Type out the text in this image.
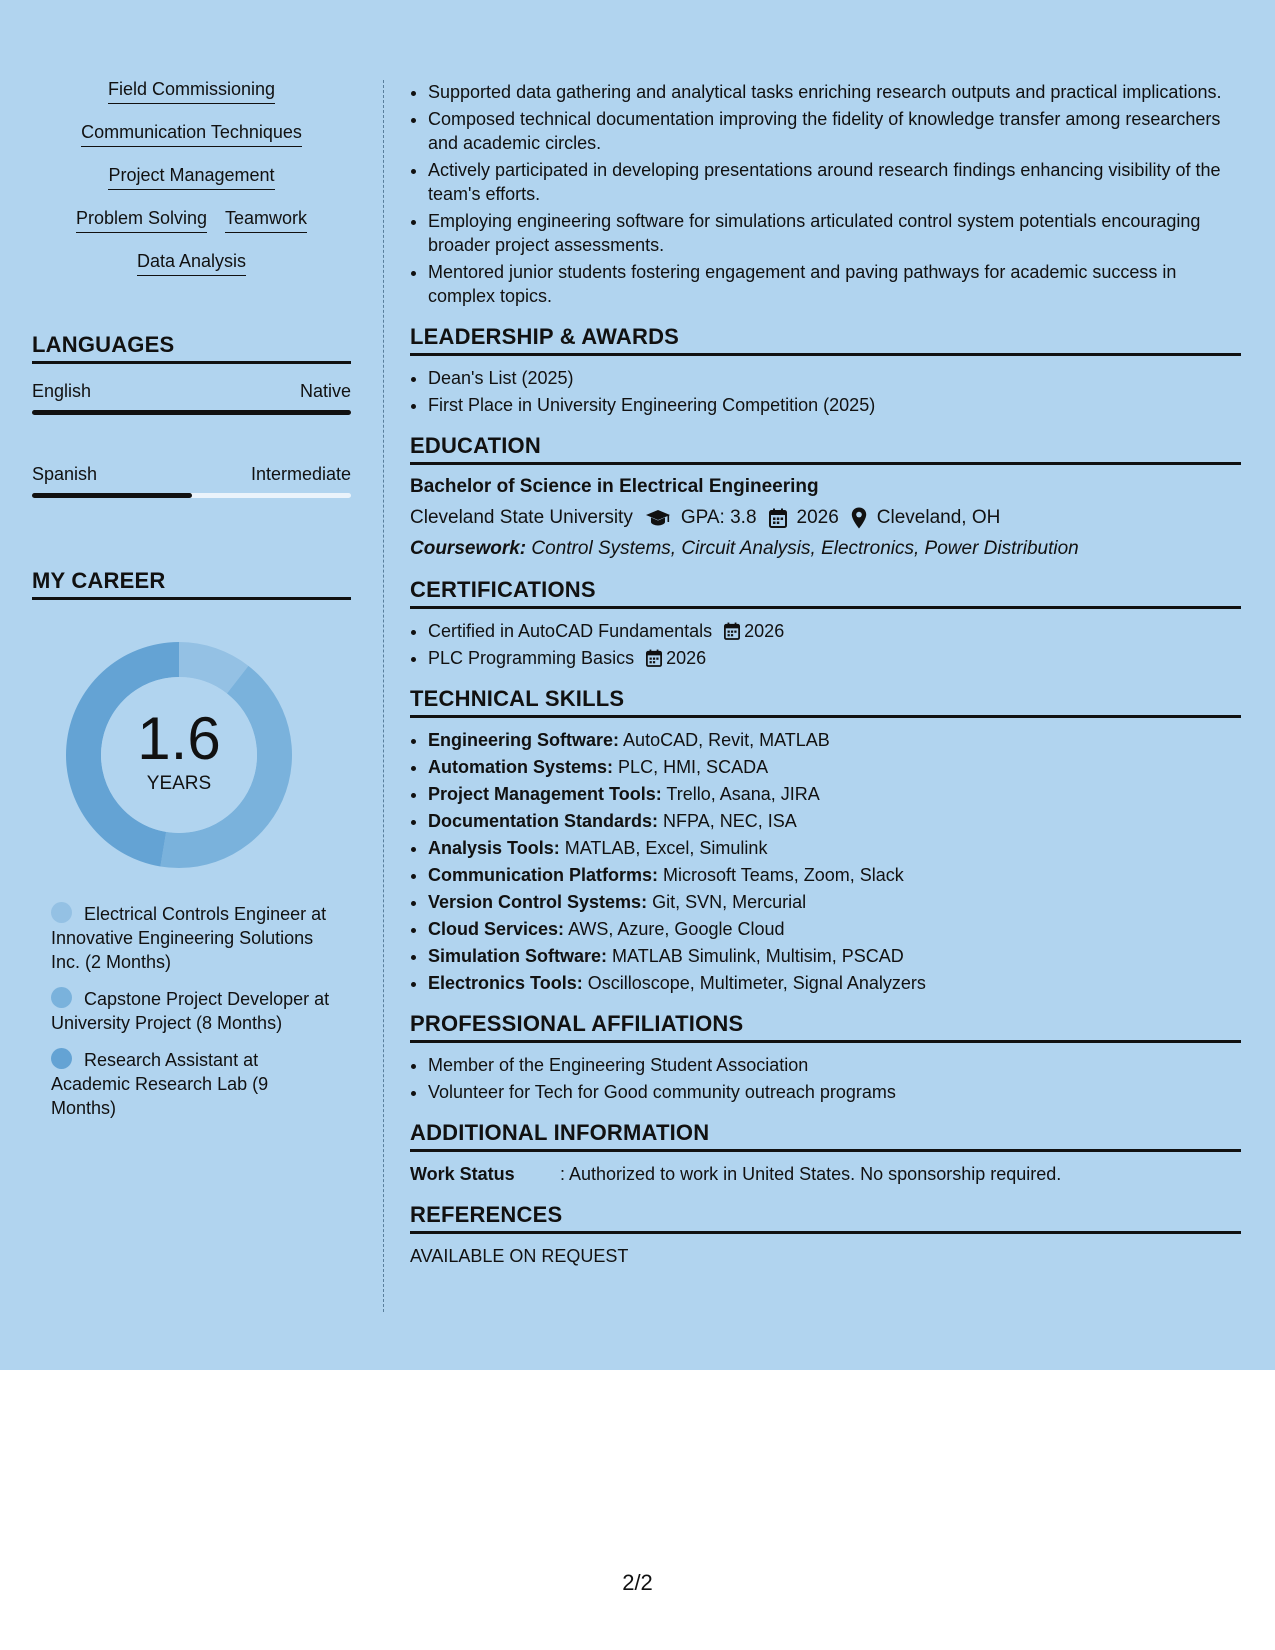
Field Commissioning
Communication Techniques
Project Management
Problem Solving Teamwork
Data Analysis
LANGUAGES
English	Native
Spanish	Intermediate
MY CAREER
1.6
YEARS
Electrical Controls Engineer at Innovative Engineering Solutions Inc. (2 Months)
Capstone Project Developer at University Project (8 Months)
Research Assistant at Academic Research Lab (9 Months)
• Supported data gathering and analytical tasks enriching research outputs and practical implications.
• Composed technical documentation improving the fidelity of knowledge transfer among researchers and academic circles.
• Actively participated in developing presentations around research findings enhancing visibility of the team's efforts.
• Employing engineering software for simulations articulated control system potentials encouraging broader project assessments.
• Mentored junior students fostering engagement and paving pathways for academic success in complex topics.
LEADERSHIP & AWARDS
• Dean's List (2025)
• First Place in University Engineering Competition (2025)
EDUCATION
Bachelor of Science in Electrical Engineering
Cleveland State University	GPA: 3.8 2026 Cleveland, OH
Coursework: Control Systems, Circuit Analysis, Electronics, Power Distribution
CERTIFICATIONS
• Certified in AutoCAD Fundamentals 2026
• PLC Programming Basics 2026
TECHNICAL SKILLS
• Engineering Software: AutoCAD, Revit, MATLAB
• Automation Systems: PLC, HMI, SCADA
• Project Management Tools: Trello, Asana, JIRA
• Documentation Standards: NFPA, NEC, ISA
• Analysis Tools: MATLAB, Excel, Simulink
• Communication Platforms: Microsoft Teams, Zoom, Slack
• Version Control Systems: Git, SVN, Mercurial
• Cloud Services: AWS, Azure, Google Cloud
• Simulation Software: MATLAB Simulink, Multisim, PSCAD
• Electronics Tools: Oscilloscope, Multimeter, Signal Analyzers
PROFESSIONAL AFFILIATIONS
• Member of the Engineering Student Association
• Volunteer for Tech for Good community outreach programs
ADDITIONAL INFORMATION
Work Status	: Authorized to work in United States. No sponsorship required.
REFERENCES
AVAILABLE ON REQUEST
2/2
